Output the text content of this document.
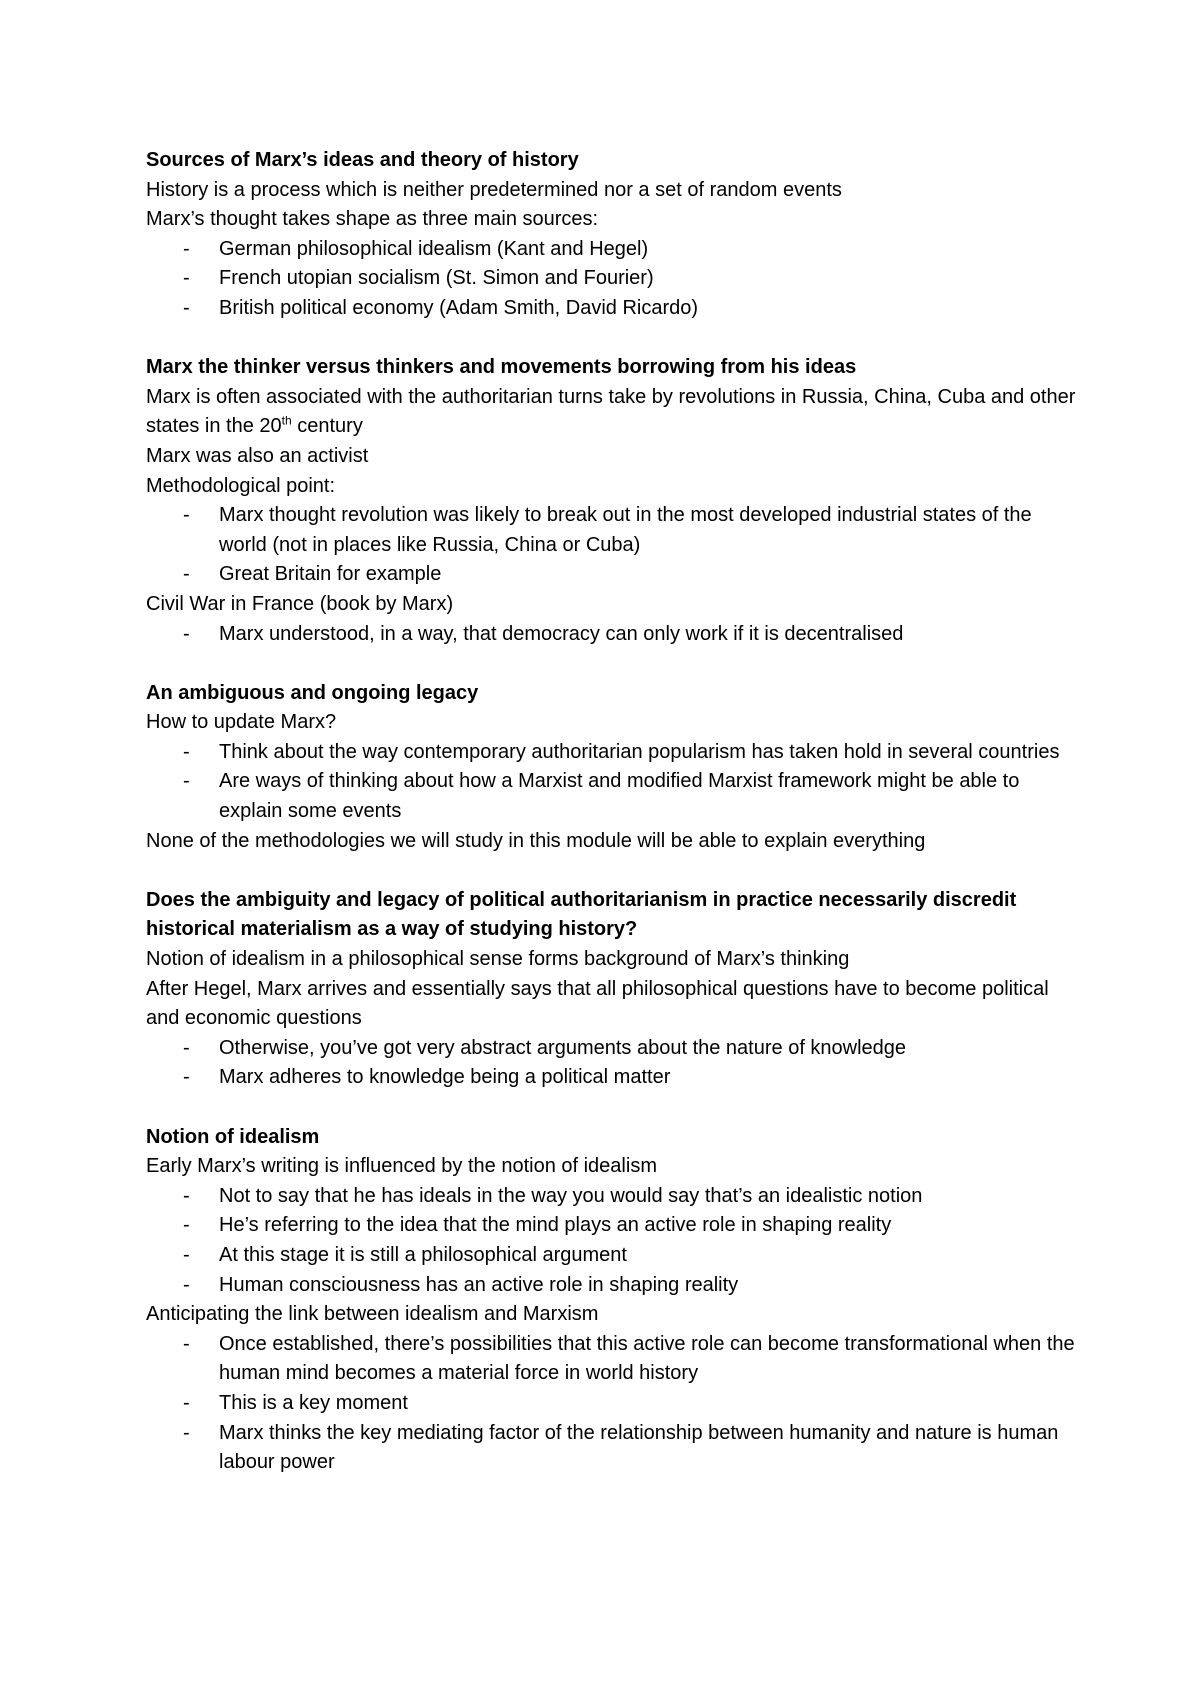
Sources of Marx’s ideas and theory of history
History is a process which is neither predetermined nor a set of random events
Marx’s thought takes shape as three main sources:
-	German philosophical idealism (Kant and Hegel)
-	French utopian socialism (St. Simon and Fourier)
-	British political economy (Adam Smith, David Ricardo)
Marx the thinker versus thinkers and movements borrowing from his ideas
Marx is often associated with the authoritarian turns take by revolutions in Russia, China, Cuba and other states in the 20th century
Marx was also an activist
Methodological point:
-	Marx thought revolution was likely to break out in the most developed industrial states of the world (not in places like Russia, China or Cuba)
-	Great Britain for example
Civil War in France (book by Marx)
-	Marx understood, in a way, that democracy can only work if it is decentralised
An ambiguous and ongoing legacy
How to update Marx?
-	Think about the way contemporary authoritarian popularism has taken hold in several countries
-	Are ways of thinking about how a Marxist and modified Marxist framework might be able to explain some events
None of the methodologies we will study in this module will be able to explain everything
Does the ambiguity and legacy of political authoritarianism in practice necessarily discredit historical materialism as a way of studying history?
Notion of idealism in a philosophical sense forms background of Marx’s thinking
After Hegel, Marx arrives and essentially says that all philosophical questions have to become political and economic questions
-	Otherwise, you’ve got very abstract arguments about the nature of knowledge
-	Marx adheres to knowledge being a political matter
Notion of idealism
Early Marx’s writing is influenced by the notion of idealism
-	Not to say that he has ideals in the way you would say that’s an idealistic notion
-	He’s referring to the idea that the mind plays an active role in shaping reality
-	At this stage it is still a philosophical argument
-	Human consciousness has an active role in shaping reality
Anticipating the link between idealism and Marxism
-	Once established, there’s possibilities that this active role can become transformational when the human mind becomes a material force in world history
-	This is a key moment
-	Marx thinks the key mediating factor of the relationship between humanity and nature is human labour power
